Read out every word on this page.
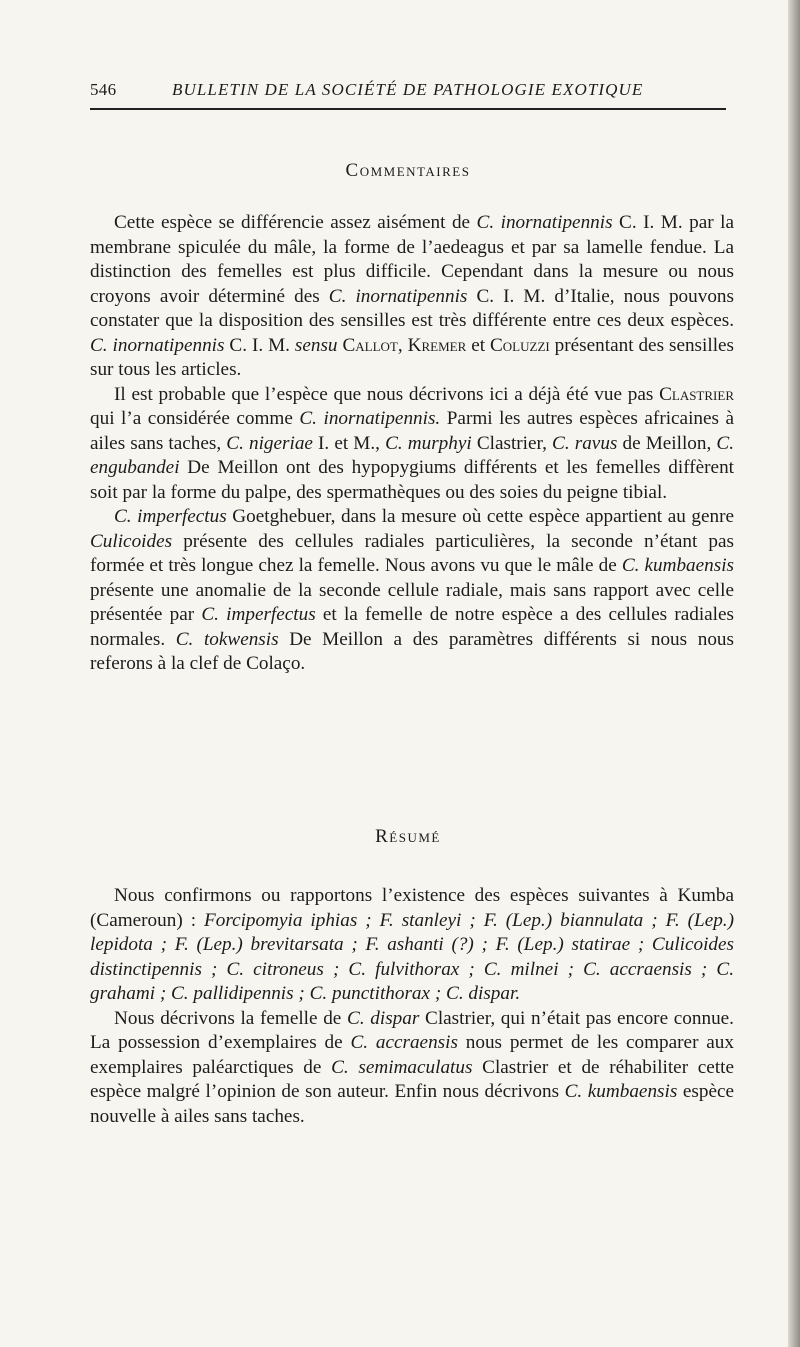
546	BULLETIN DE LA SOCIÉTÉ DE PATHOLOGIE EXOTIQUE
Commentaires

Cette espèce se différencie assez aisément de C. inornatipennis C. I. M. par la membrane spiculée du mâle, la forme de l’aedeagus et par sa lamelle fendue. La distinction des femelles est plus difficile. Cependant dans la mesure ou nous croyons avoir déterminé des C. inornatipennis C. I. M. d’Italie, nous pouvons constater que la disposition des sensilles est très différente entre ces deux espèces. C. inornatipennis C. I. M. sensu Callot, Kremer et Coluzzi présentant des sensilles sur tous les articles.

Il est probable que l’espèce que nous décrivons ici a déjà été vue pas Clastrier qui l’a considérée comme C. inornatipennis. Parmi les autres espèces africaines à ailes sans taches, C. nigeriae I. et M., C. murphyi Clastrier, C. ravus de Meillon, C. engubandei De Meillon ont des hypopygiums différents et les femelles diffèrent soit par la forme du palpe, des spermathèques ou des soies du peigne tibial.

C. imperfectus Goetghebuer, dans la mesure où cette espèce appartient au genre Culicoides présente des cellules radiales particulières, la seconde n’étant pas formée et très longue chez la femelle. Nous avons vu que le mâle de C. kumbaensis présente une anomalie de la seconde cellule radiale, mais sans rapport avec celle présentée par C. imperfectus et la femelle de notre espèce a des cellules radiales normales. C. tokwensis De Meillon a des paramètres différents si nous nous referons à la clef de Colaço.

Résumé

Nous confirmons ou rapportons l’existence des espèces suivantes à Kumba (Cameroun) : Forcipomyia iphias ; F. stanleyi ; F. (Lep.) biannulata ; F. (Lep.) lepidota ; F. (Lep.) brevitarsata ; F. ashanti (?) ; F. (Lep.) statirae ; Culicoides distinctipennis ; C. citroneus ; C. fulvithorax ; C. milnei ; C. accraensis ; C. grahami ; C. pallidipennis ; C. punctithorax ; C. dispar.

Nous décrivons la femelle de C. dispar Clastrier, qui n’était pas encore connue. La possession d’exemplaires de C. accraensis nous permet de les comparer aux exemplaires paléarctiques de C. semimaculatus Clastrier et de réhabiliter cette espèce malgré l’opinion de son auteur. Enfin nous décrivons C. kumbaensis espèce nouvelle à ailes sans taches.
